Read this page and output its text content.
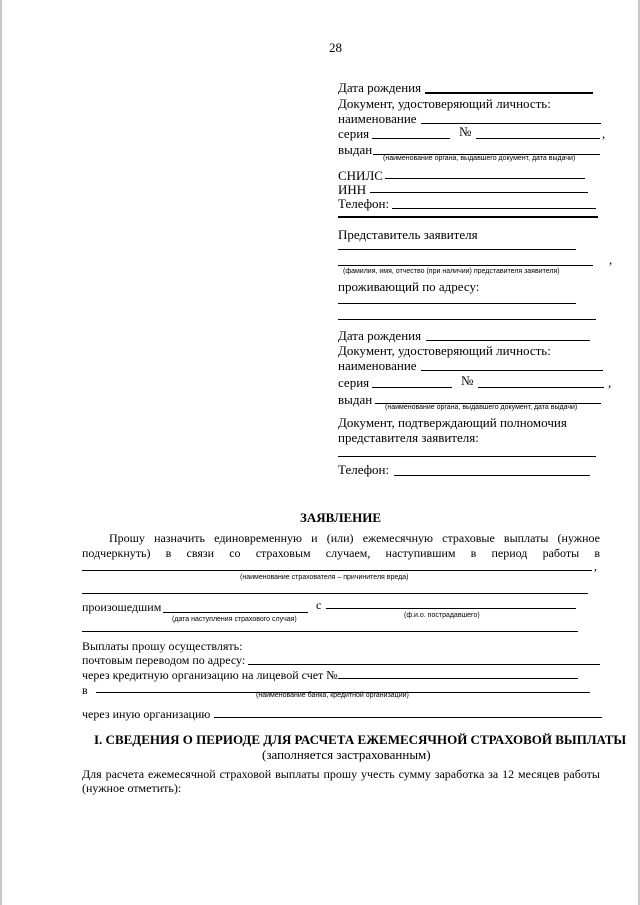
28
Дата рождения
Документ, удостоверяющий личность:
наименование
серия	№	,
выдан
(наименование органа, выдавшего документ, дата выдачи)
СНИЛС
ИНН
Телефон:
Представитель заявителя
,
(фамилия, имя, отчество (при наличии) представителя заявителя)
проживающий по адресу:
Дата рождения
Документ, удостоверяющий личность:
наименование
серия	№	,
выдан
(наименование органа, выдавшего документ, дата выдачи)
Документ, подтверждающий полномочия
представителя заявителя:
Телефон:
ЗАЯВЛЕНИЕ
Прошу назначить единовременную и (или) ежемесячную страховые выплаты (нужное
подчеркнуть) в связи со страховым случаем, наступившим в период работы в
,
(наименование страхователя – причинителя вреда)
произошедшим	с
(дата наступления страхового случая)
(ф.и.о. пострадавшего)
Выплаты прошу осуществлять:
почтовым переводом по адресу:
через кредитную организацию на лицевой счет №
в	(наименование банка, кредитной организации)
через иную организацию
I. СВЕДЕНИЯ О ПЕРИОДЕ ДЛЯ РАСЧЕТА ЕЖЕМЕСЯЧНОЙ СТРАХОВОЙ ВЫПЛАТЫ
(заполняется застрахованным)
Для расчета ежемесячной страховой выплаты прошу учесть сумму заработка за 12 месяцев работы (нужное отметить):
